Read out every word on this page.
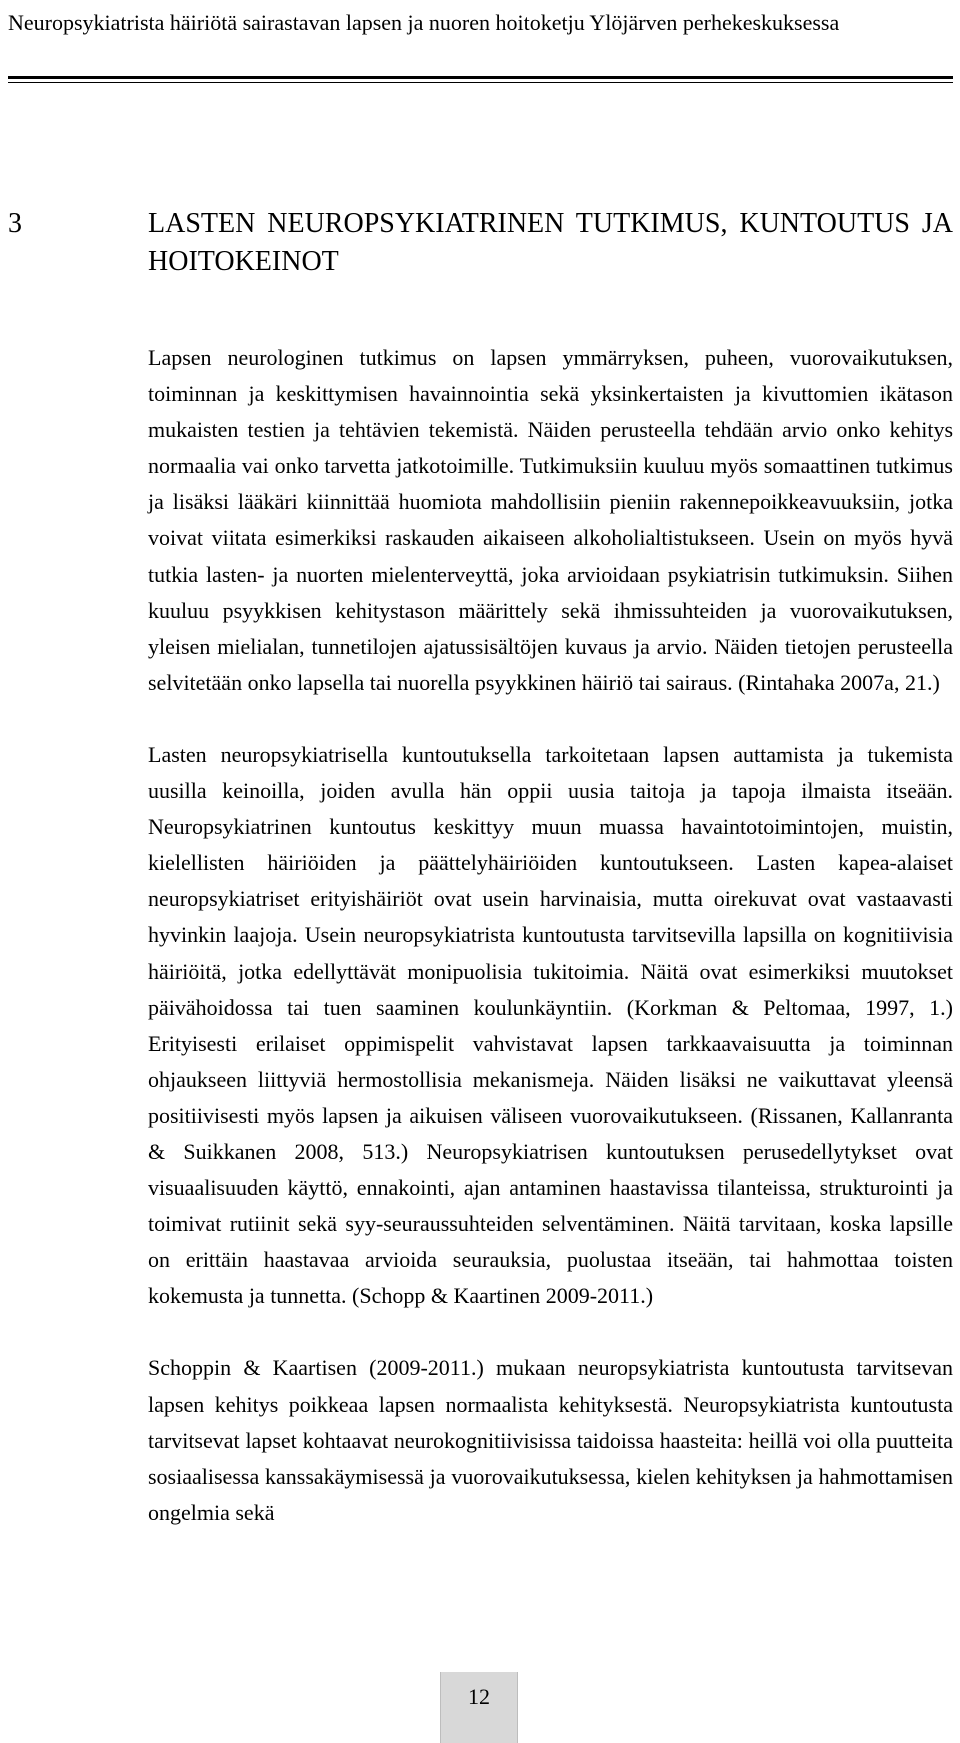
Neuropsykiatrista häiriötä sairastavan lapsen ja nuoren hoitoketju Ylöjärven perhekeskuksessa
3	LASTEN NEUROPSYKIATRINEN TUTKIMUS, KUNTOUTUS JA HOITOKEINOT

Lapsen neurologinen tutkimus on lapsen ymmärryksen, puheen, vuorovaikutuksen, toiminnan ja keskittymisen havainnointia sekä yksinkertaisten ja kivuttomien ikätason mukaisten testien ja tehtävien tekemistä. Näiden perusteella tehdään arvio onko kehitys normaalia vai onko tarvetta jatkotoimille. Tutkimuksiin kuuluu myös somaattinen tutkimus ja lisäksi lääkäri kiinnittää huomiota mahdollisiin pieniin rakennepoikkeavuuksiin, jotka voivat viitata esimerkiksi raskauden aikaiseen alkoholialtistukseen. Usein on myös hyvä tutkia lasten- ja nuorten mielenterveyttä, joka arvioidaan psykiatrisin tutkimuksin. Siihen kuuluu psyykkisen kehitystason määrittely sekä ihmissuhteiden ja vuorovaikutuksen, yleisen mielialan, tunnetilojen ajatussisältöjen kuvaus ja arvio. Näiden tietojen perusteella selvitetään onko lapsella tai nuorella psyykkinen häiriö tai sairaus. (Rintahaka 2007a, 21.)

Lasten neuropsykiatrisella kuntoutuksella tarkoitetaan lapsen auttamista ja tukemista uusilla keinoilla, joiden avulla hän oppii uusia taitoja ja tapoja ilmaista itseään. Neuropsykiatrinen kuntoutus keskittyy muun muassa havaintotoimintojen, muistin, kielellisten häiriöiden ja päättelyhäiriöiden kuntoutukseen. Lasten kapea-alaiset neuropsykiatriset erityishäiriöt ovat usein harvinaisia, mutta oirekuvat ovat vastaavasti hyvinkin laajoja. Usein neuropsykiatrista kuntoutusta tarvitsevilla lapsilla on kognitiivisia häiriöitä, jotka edellyttävät monipuolisia tukitoimia. Näitä ovat esimerkiksi muutokset päivähoidossa tai tuen saaminen koulunkäyntiin. (Korkman & Peltomaa, 1997, 1.) Erityisesti erilaiset oppimispelit vahvistavat lapsen tarkkaavaisuutta ja toiminnan ohjaukseen liittyviä hermostollisia mekanismeja. Näiden lisäksi ne vaikuttavat yleensä positiivisesti myös lapsen ja aikuisen väliseen vuorovaikutukseen. (Rissanen, Kallanranta & Suikkanen 2008, 513.) Neuropsykiatrisen kuntoutuksen perusedellytykset ovat visuaalisuuden käyttö, ennakointi, ajan antaminen haastavissa tilanteissa, strukturointi ja toimivat rutiinit sekä syy-seuraussuhteiden selventäminen. Näitä tarvitaan, koska lapsille on erittäin haastavaa arvioida seurauksia, puolustaa itseään, tai hahmottaa toisten kokemusta ja tunnetta. (Schopp & Kaartinen 2009-2011.)

Schoppin & Kaartisen (2009-2011.) mukaan neuropsykiatrista kuntoutusta tarvitsevan lapsen kehitys poikkeaa lapsen normaalista kehityksestä. Neuropsykiatrista kuntoutusta tarvitsevat lapset kohtaavat neurokognitiivisissa taidoissa haasteita: heillä voi olla puutteita sosiaalisessa kanssakäymisessä ja vuorovaikutuksessa, kielen kehityksen ja hahmottamisen ongelmia sekä

12
